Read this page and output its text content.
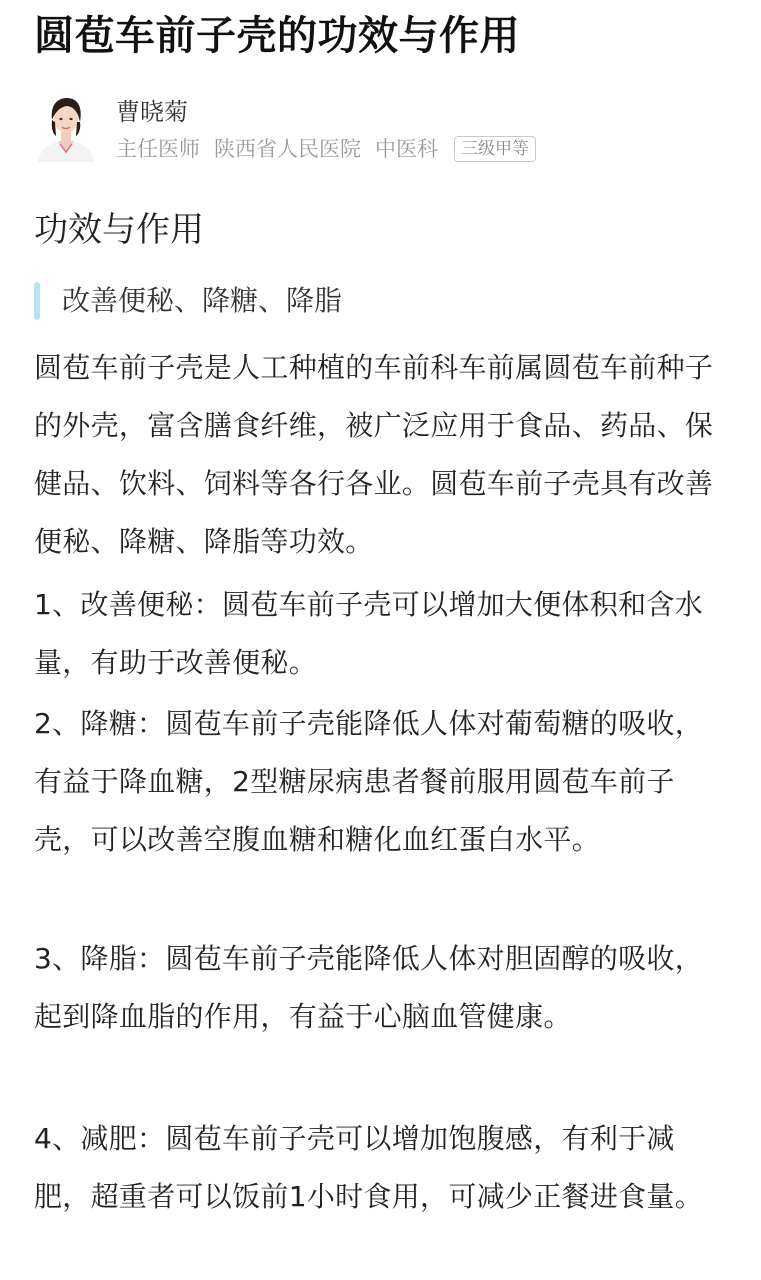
圆苞车前子壳的功效与作用
曹晓菊
主任医师 陕西省人民医院 中医科	三级甲等
功效与作用
改善便秘、降糖、降脂
圆苞车前子壳是人工种植的车前科车前属圆苞车前种子的外壳，富含膳食纤维，被广泛应用于食品、药品、保健品、饮料、饲料等各行各业。圆苞车前子壳具有改善便秘、降糖、降脂等功效。
1、改善便秘：圆苞车前子壳可以增加大便体积和含水量，有助于改善便秘。
2、降糖：圆苞车前子壳能降低人体对葡萄糖的吸收，有益于降血糖，2型糖尿病患者餐前服用圆苞车前子壳，可以改善空腹血糖和糖化血红蛋白水平。
3、降脂：圆苞车前子壳能降低人体对胆固醇的吸收，起到降血脂的作用，有益于心脑血管健康。
4、减肥：圆苞车前子壳可以增加饱腹感，有利于减肥，超重者可以饭前1小时食用，可减少正餐进食量。
